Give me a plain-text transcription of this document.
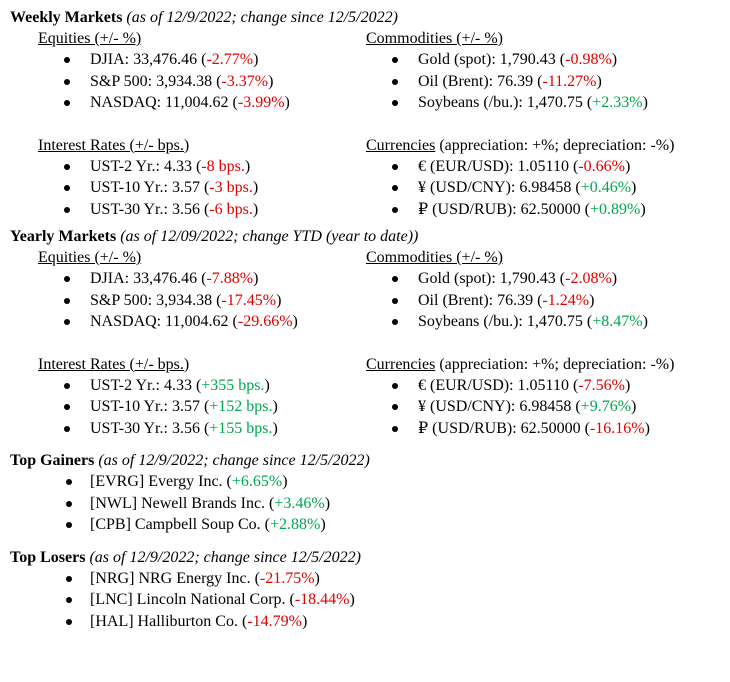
Weekly Markets (as of 12/9/2022; change since 12/5/2022)
Equities (+/- %)
DJIA: 33,476.46 (-2.77%)
S&P 500: 3,934.38 (-3.37%)
NASDAQ: 11,004.62 (-3.99%)
Commodities (+/- %)
Gold (spot): 1,790.43 (-0.98%)
Oil (Brent): 76.39 (-11.27%)
Soybeans (/bu.): 1,470.75 (+2.33%)
Interest Rates (+/- bps.)
UST-2 Yr.: 4.33 (-8 bps.)
UST-10 Yr.: 3.57 (-3 bps.)
UST-30 Yr.: 3.56 (-6 bps.)
Currencies (appreciation: +%; depreciation: -%)
€ (EUR/USD): 1.05110 (-0.66%)
¥ (USD/CNY): 6.98458 (+0.46%)
₽ (USD/RUB): 62.50000 (+0.89%)
Yearly Markets (as of 12/09/2022; change YTD (year to date))
Equities (+/- %)
DJIA: 33,476.46 (-7.88%)
S&P 500: 3,934.38 (-17.45%)
NASDAQ: 11,004.62 (-29.66%)
Commodities (+/- %)
Gold (spot): 1,790.43 (-2.08%)
Oil (Brent): 76.39 (-1.24%)
Soybeans (/bu.): 1,470.75 (+8.47%)
Interest Rates (+/- bps.)
UST-2 Yr.: 4.33 (+355 bps.)
UST-10 Yr.: 3.57 (+152 bps.)
UST-30 Yr.: 3.56 (+155 bps.)
Currencies (appreciation: +%; depreciation: -%)
€ (EUR/USD): 1.05110 (-7.56%)
¥ (USD/CNY): 6.98458 (+9.76%)
₽ (USD/RUB): 62.50000 (-16.16%)
Top Gainers (as of 12/9/2022; change since 12/5/2022)
[EVRG] Evergy Inc. (+6.65%)
[NWL] Newell Brands Inc. (+3.46%)
[CPB] Campbell Soup Co. (+2.88%)
Top Losers (as of 12/9/2022; change since 12/5/2022)
[NRG] NRG Energy Inc. (-21.75%)
[LNC] Lincoln National Corp. (-18.44%)
[HAL] Halliburton Co. (-14.79%)
